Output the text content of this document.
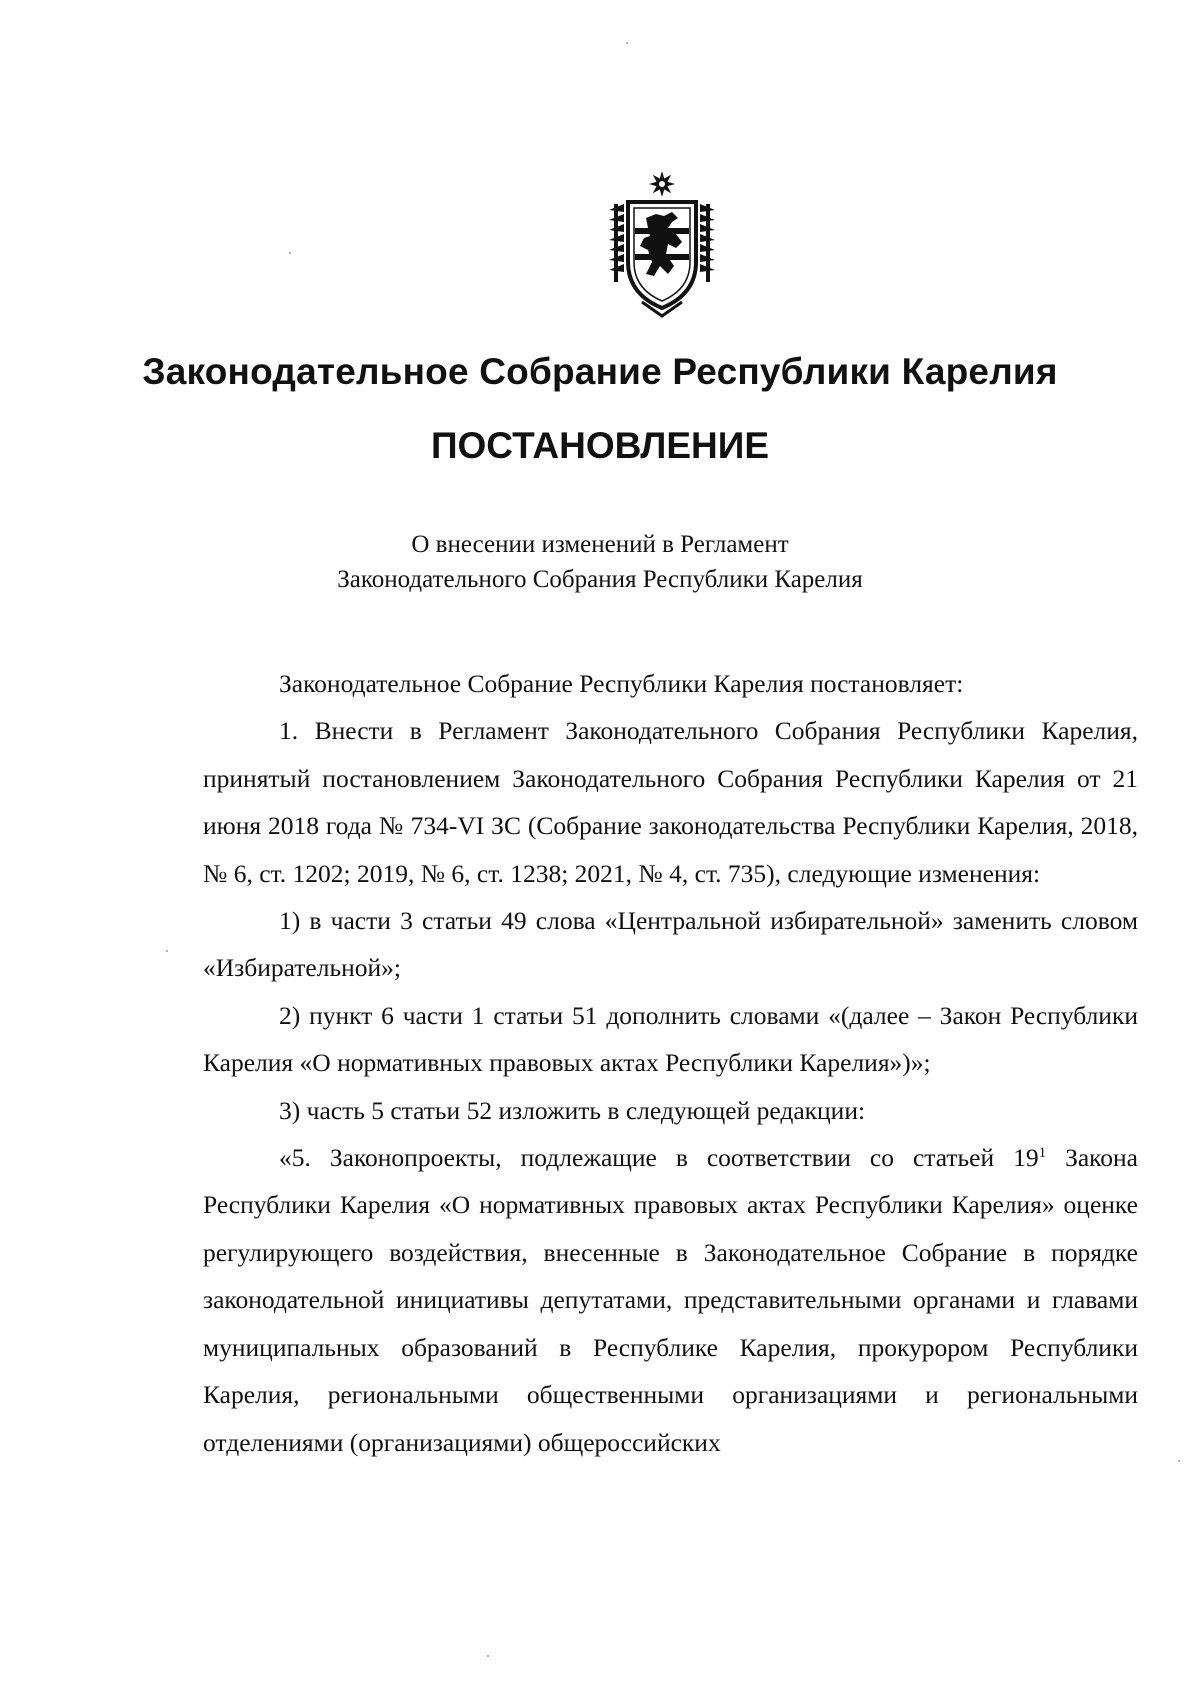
Законодательное Собрание Республики Карелия
ПОСТАНОВЛЕНИЕ
О внесении изменений в Регламент
Законодательного Собрания Республики Карелия

Законодательное Собрание Республики Карелия постановляет:

1. Внести в Регламент Законодательного Собрания Республики Карелия, принятый постановлением Законодательного Собрания Республики Карелия от 21 июня 2018 года № 734-VI ЗС (Собрание законодательства Республики Карелия, 2018, № 6, ст. 1202; 2019, № 6, ст. 1238; 2021, № 4, ст. 735), следующие изменения:

1) в части 3 статьи 49 слова «Центральной избирательной» заменить словом «Избирательной»;

2) пункт 6 части 1 статьи 51 дополнить словами «(далее – Закон Республики Карелия «О нормативных правовых актах Республики Карелия»)»;

3) часть 5 статьи 52 изложить в следующей редакции:

«5. Законопроекты, подлежащие в соответствии со статьей $19^1$ Закона Республики Карелия «О нормативных правовых актах Республики Карелия» оценке регулирующего воздействия, внесенные в Законодательное Собрание в порядке законодательной инициативы депутатами, представительными органами и главами муниципальных образований в Республике Карелия, прокурором Республики Карелия, региональными общественными организациями и региональными отделениями (организациями) общероссийских
